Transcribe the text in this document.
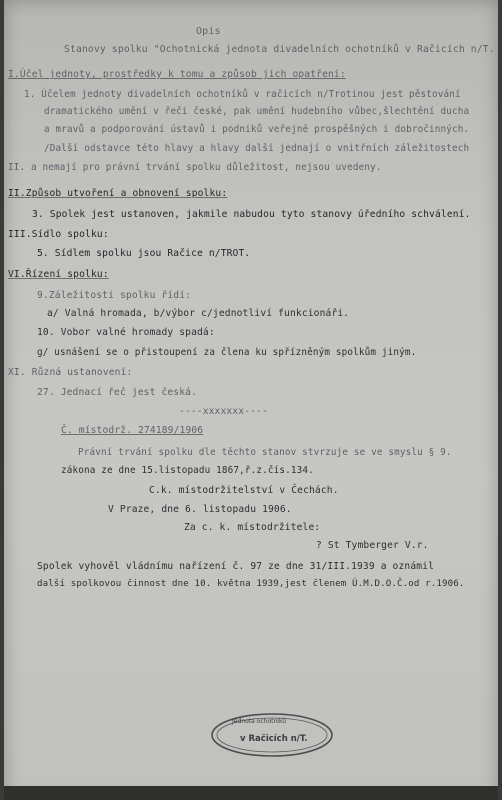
Opis
Stanovy spolku "Ochotnická jednota divadelních ochotníků v Račicích n/T.
I.Účel jednoty, prostředky k tomu a způsob jich opatření:
1. Účelem jednoty divadelních ochotníků v račicích n/Trotinou jest pěstování
dramatického umění v řeči české, pak umění hudebního vůbec,šlechtění ducha
a mravů a podporování ústavů i podniků veřejně prospěšných i dobročinných.
/Další odstavce této hlavy a hlavy další jednají o vnitřních záležitostech
II. a nemají pro právní trvání spolku důležitost, nejsou uvedeny.
II.Způsob utvoření a obnovení spolku:
3. Spolek jest ustanoven, jakmile nabudou tyto stanovy úředního schválení.
III.Sídlo spolku:
5. Sídlem spolku jsou Račice n/TROT.
VI.Řízení spolku:
9.Záležitosti spolku řídí:
a/ Valná hromada, b/výbor c/jednotliví funkcionáři.
10. Vobor valné hromady spadá:
g/ usnášení se o přistoupení za člena ku spřízněným spolkům jiným.
XI. Různá ustanovení:
27. Jednací řeč jest česká.
----xxxxxxx----
Č. místodrž. 274189/1906
Právní trvání spolku dle těchto stanov stvrzuje se ve smyslu § 9.
zákona ze dne 15.listopadu 1867,ř.z.čís.134.
C.k. místodržitelství v Čechách.
V Praze, dne 6. listopadu 1906.
Za c. k. místodržitele:
? St Tymberger V.r.
Spolek vyhověl vládnímu nařízení č. 97 ze dne 31/III.1939 a oznámil
další spolkovou činnost dne 10. května 1939,jest členem Ú.M.D.O.Č.od r.1906.
Jednota ochotníků
v Račicích n/T.
